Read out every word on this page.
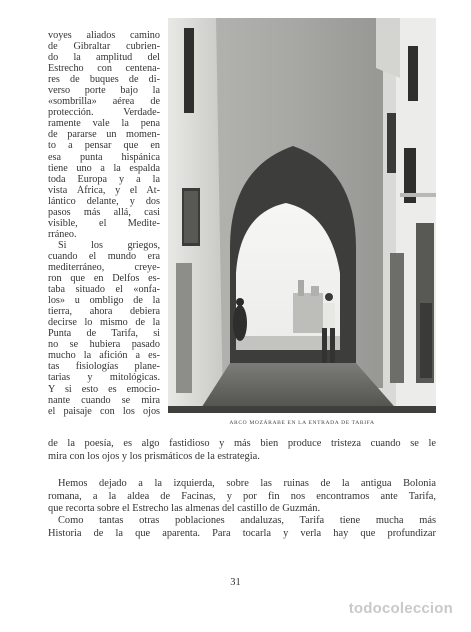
voyes aliados camino
de Gibraltar cubrien-
do la amplitud del
Estrecho con centena-
res de buques de di-
verso porte bajo la
«sombrilla» aérea de
protección. Verdade-
ramente vale la pena
de pararse un momen-
to a pensar que en
esa punta hispánica
tiene uno a la espalda
toda Europa y a la
vista África, y el At-
lántico delante, y dos
pasos más allá, casi
visible, el Medite-
rráneo.
Si los griegos,
cuando el mundo era
mediterráneo, creye-
ron que en Delfos es-
taba situado el «onfa-
los» u ombligo de la
tierra, ahora debiera
decirse lo mismo de la
Punta de Tarifa, si
no se hubiera pasado
mucho la afición a es-
tas fisiologías plane-
tarias y mitológicas.
Y si esto es emocio-
nante cuando se mira
el paisaje con los ojos
ARCO MOZÁRABE EN LA ENTRADA DE TARIFA
de la poesía, es algo fastidioso y más bien produce tristeza cuando se le
mira con los ojos y los prismáticos de la estrategia.
Hemos dejado a la izquierda, sobre las ruinas de la antigua Bolonia
romana, a la aldea de Facinas, y por fin nos encontramos ante Tarifa,
que recorta sobre el Estrecho las almenas del castillo de Guzmán.
Como tantas otras poblaciones andaluzas, Tarifa tiene mucha más
Historia de la que aparenta. Para tocarla y verla hay que profundizar
31
todocoleccion
